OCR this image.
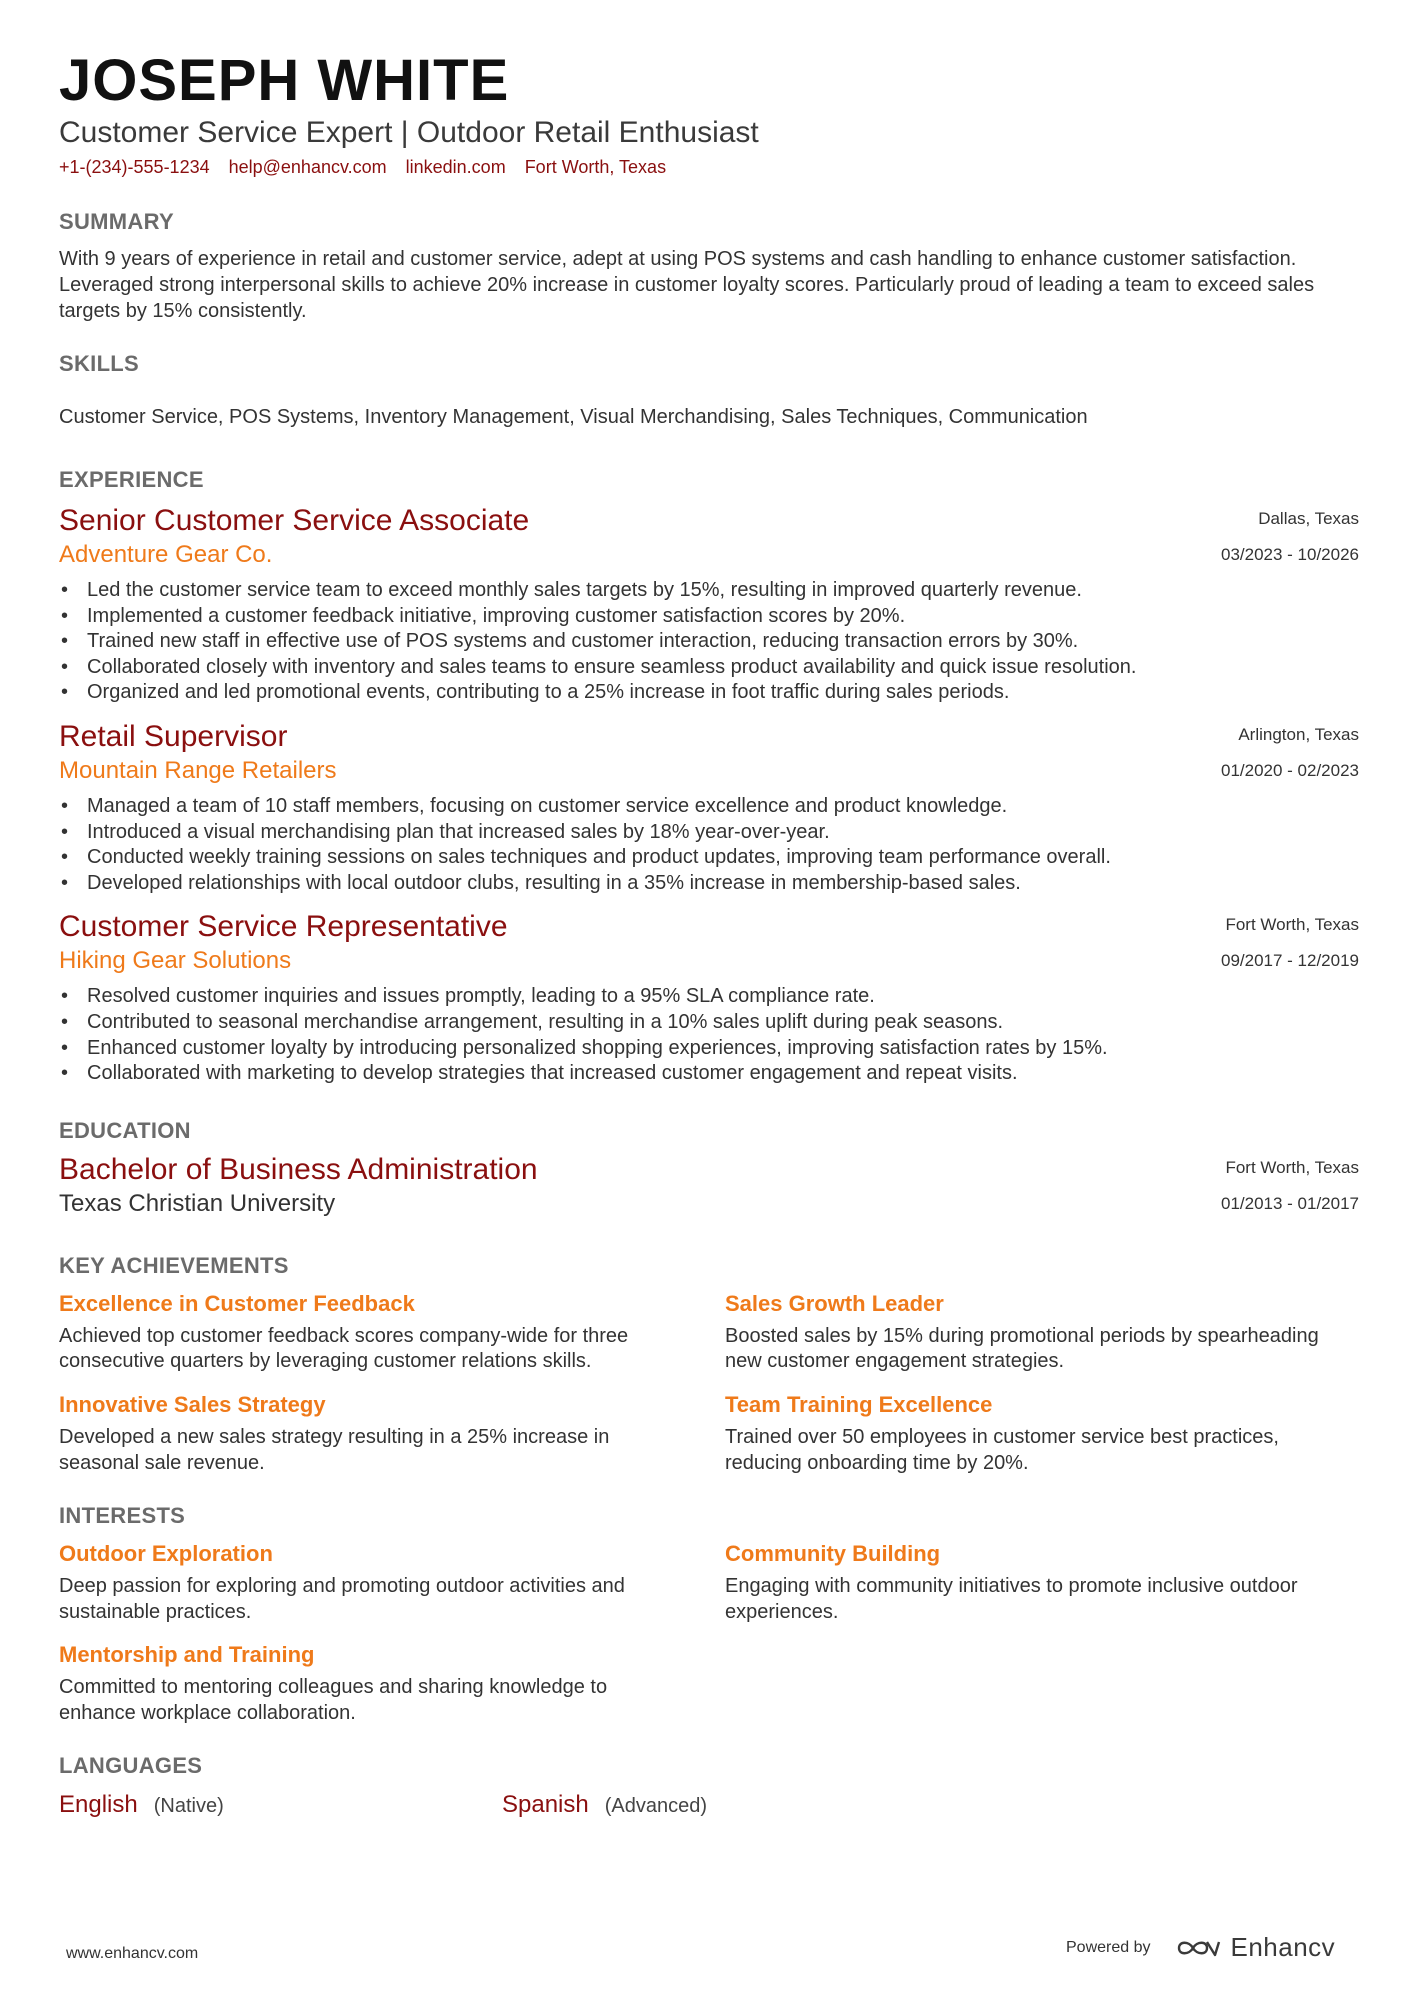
JOSEPH WHITE
Customer Service Expert | Outdoor Retail Enthusiast
+1-(234)-555-1234 help@enhancv.com linkedin.com Fort Worth, Texas
SUMMARY
With 9 years of experience in retail and customer service, adept at using POS systems and cash handling to enhance customer satisfaction. Leveraged strong interpersonal skills to achieve 20% increase in customer loyalty scores. Particularly proud of leading a team to exceed sales targets by 15% consistently.
SKILLS
Customer Service, POS Systems, Inventory Management, Visual Merchandising, Sales Techniques, Communication
EXPERIENCE
Senior Customer Service Associate
Adventure Gear Co.
Dallas, Texas
03/2023 - 10/2026
• Led the customer service team to exceed monthly sales targets by 15%, resulting in improved quarterly revenue.
• Implemented a customer feedback initiative, improving customer satisfaction scores by 20%.
• Trained new staff in effective use of POS systems and customer interaction, reducing transaction errors by 30%.
• Collaborated closely with inventory and sales teams to ensure seamless product availability and quick issue resolution.
• Organized and led promotional events, contributing to a 25% increase in foot traffic during sales periods.
Retail Supervisor
Mountain Range Retailers
Arlington, Texas
01/2020 - 02/2023
• Managed a team of 10 staff members, focusing on customer service excellence and product knowledge.
• Introduced a visual merchandising plan that increased sales by 18% year-over-year.
• Conducted weekly training sessions on sales techniques and product updates, improving team performance overall.
• Developed relationships with local outdoor clubs, resulting in a 35% increase in membership-based sales.
Customer Service Representative
Hiking Gear Solutions
Fort Worth, Texas
09/2017 - 12/2019
• Resolved customer inquiries and issues promptly, leading to a 95% SLA compliance rate.
• Contributed to seasonal merchandise arrangement, resulting in a 10% sales uplift during peak seasons.
• Enhanced customer loyalty by introducing personalized shopping experiences, improving satisfaction rates by 15%.
• Collaborated with marketing to develop strategies that increased customer engagement and repeat visits.
EDUCATION
Bachelor of Business Administration
Texas Christian University
Fort Worth, Texas
01/2013 - 01/2017
KEY ACHIEVEMENTS
Excellence in Customer Feedback
Achieved top customer feedback scores company-wide for three consecutive quarters by leveraging customer relations skills.
Sales Growth Leader
Boosted sales by 15% during promotional periods by spearheading new customer engagement strategies.
Innovative Sales Strategy
Developed a new sales strategy resulting in a 25% increase in seasonal sale revenue.
Team Training Excellence
Trained over 50 employees in customer service best practices, reducing onboarding time by 20%.
INTERESTS
Outdoor Exploration
Deep passion for exploring and promoting outdoor activities and sustainable practices.
Community Building
Engaging with community initiatives to promote inclusive outdoor experiences.
Mentorship and Training
Committed to mentoring colleagues and sharing knowledge to enhance workplace collaboration.
LANGUAGES
English (Native)	Spanish (Advanced)
www.enhancv.com	Powered by	Enhancv
